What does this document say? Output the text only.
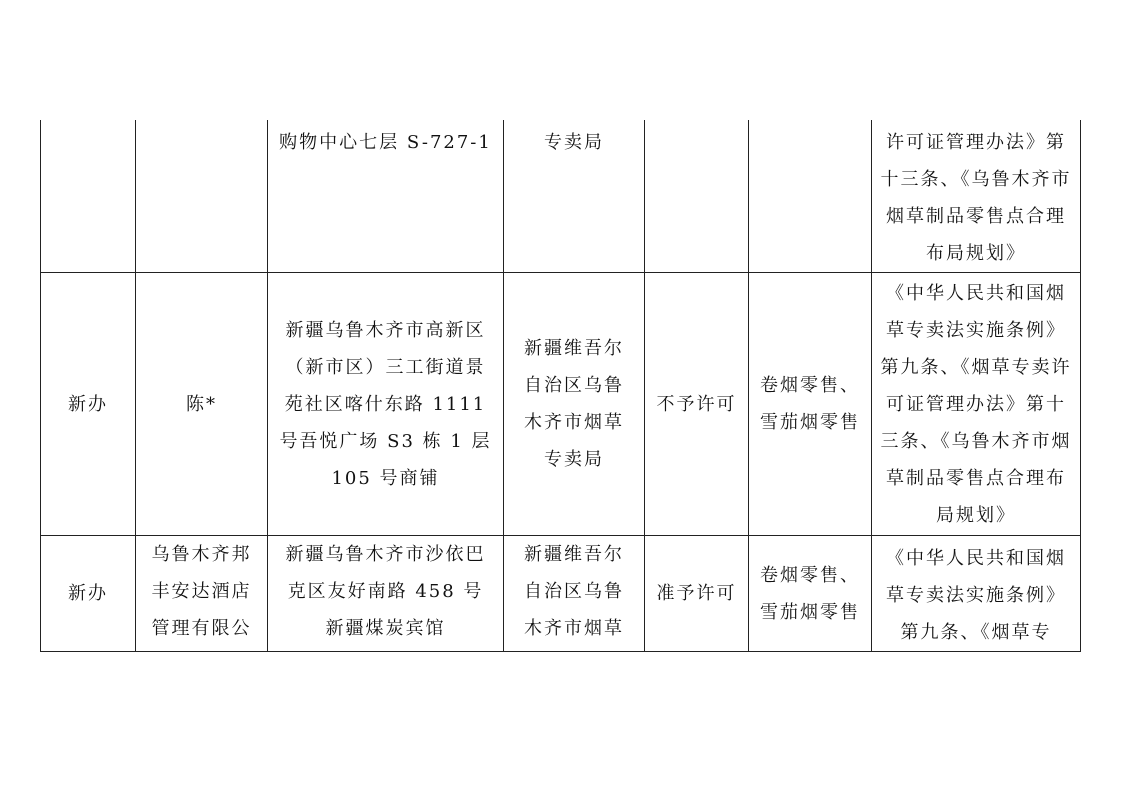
		购物中心七层 S-727-1	专卖局			许可证管理办法》第十三条、《乌鲁木齐市烟草制品零售点合理布局规划》
新办	陈*	新疆乌鲁木齐市高新区（新市区）三工街道景苑社区喀什东路 1111 号吾悦广场 S3 栋 1 层 105 号商铺	新疆维吾尔自治区乌鲁木齐市烟草专卖局	不予许可	卷烟零售、雪茄烟零售	《中华人民共和国烟草专卖法实施条例》第九条、《烟草专卖许可证管理办法》第十三条、《乌鲁木齐市烟草制品零售点合理布局规划》
新办	乌鲁木齐邦丰安达酒店管理有限公	新疆乌鲁木齐市沙依巴克区友好南路 458 号新疆煤炭宾馆	新疆维吾尔自治区乌鲁木齐市烟草	准予许可	卷烟零售、雪茄烟零售	《中华人民共和国烟草专卖法实施条例》第九条、《烟草专
